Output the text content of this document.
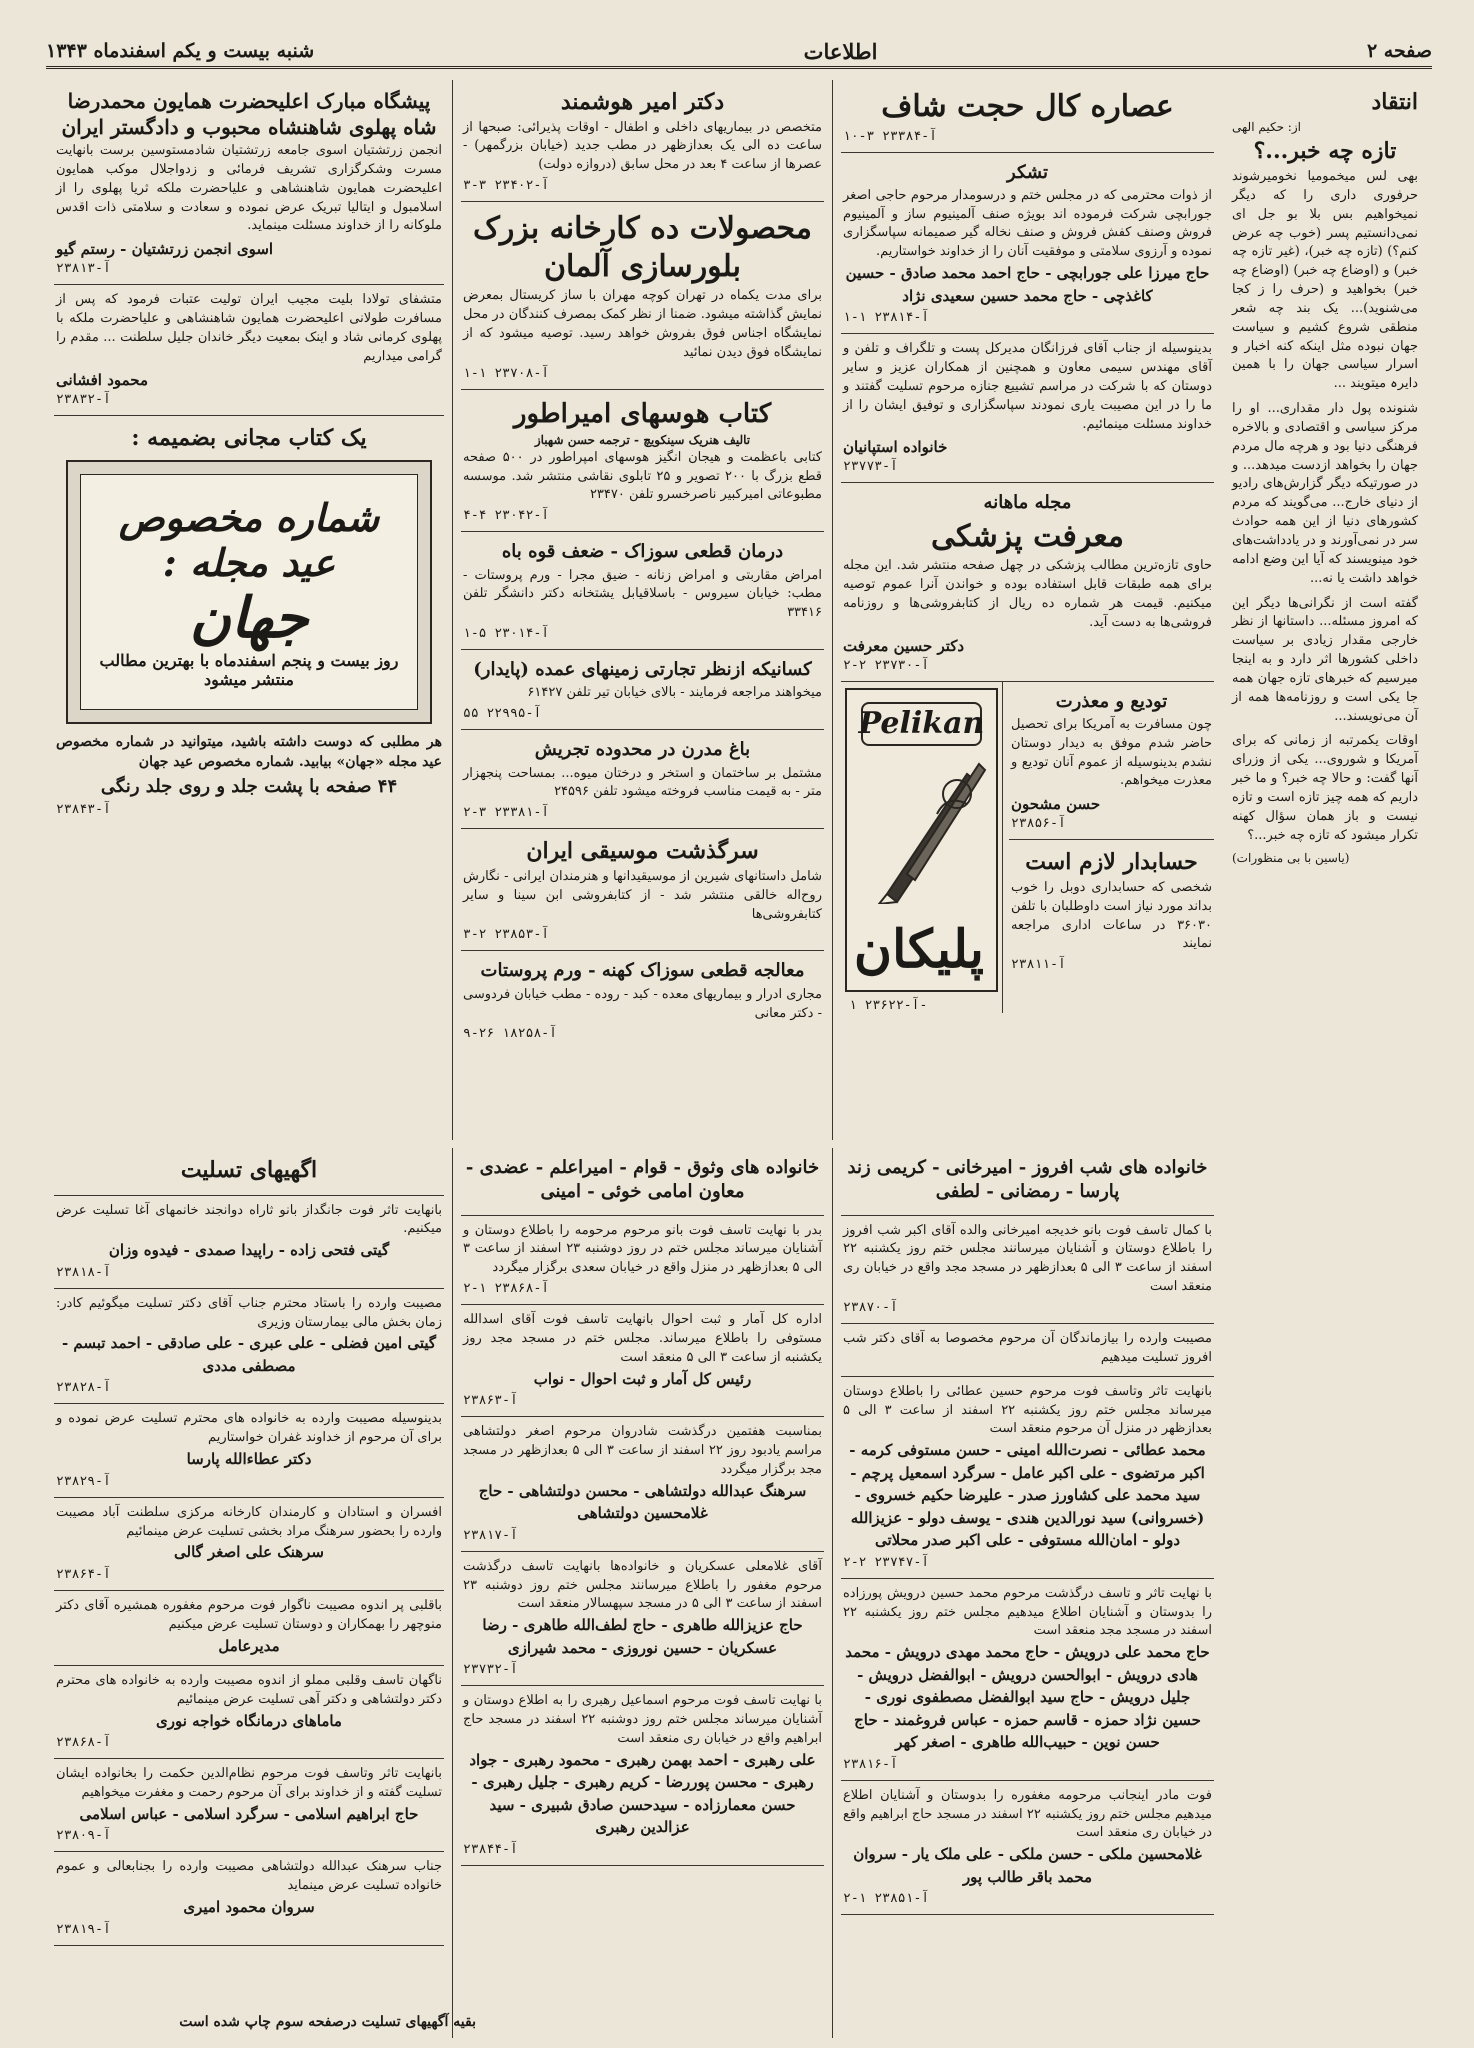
صفحه ۲
اطلاعات
شنبه بیست و یکم اسفندماه ۱۳۴۳
انتقاد
از: حکیم الهی
تازه چه خبر...؟
بهی لس میخمومیا نخومیرشوند حرفوری داری را که دیگر نمیخواهیم بس بلا بو جل ای نمی‌دانستیم پسر (خوب چه عرض کنم؟) (تازه چه خبر)، (غیر تازه چه خبر) و (اوضاع چه خبر) (اوضاع چه خبر) بخواهید و (حرف را ز کجا می‌شنوید)... یک بند چه شعر منطقی شروع کشیم و سیاست جهان نبوده مثل اینکه کنه اخبار و اسرار سیاسی جهان را با همین دایرہ میتویند ...
شنونده پول دار مقداری... او را مرکز سیاسی و اقتصادی و بالاخره فرهنگی دنیا بود و هرچه مال مردم جهان را بخواهد ازدست میدهد... و در صورتیکه دیگر گزارش‌های رادیو از دنیای خارج... می‌گویند که مردم کشورهای دنیا از این همه حوادث سر در نمی‌آورند و در یادداشت‌های خود مینویسند که آیا این وضع ادامه خواهد داشت یا نه...
گفته است از نگرانی‌ها دیگر این که امروز مسئله... داستانها از نظر خارجی مقدار زیادی بر سیاست داخلی کشورها اثر دارد و به اینجا میرسیم که خبرهای تازه جهان همه جا یکی است و روزنامه‌ها همه از آن می‌نویسند...
اوقات یکمرتبه از زمانی که برای آمریکا و شوروی... یکی از وزرای آنها گفت: و حالا چه خبر؟ و ما خبر داریم که همه چیز تازه است و تازه نیست و باز همان سؤال کهنه تکرار میشود که تازه چه خبر...؟
(یاسین با بی منظورات)
عصاره کال حجت شاف
آ-۲۳۳۸۴ ۳-۱۰
تشکر
از ذوات محترمی که در مجلس ختم و درسومدار مرحوم حاجی اصغر جورابچی شرکت فرموده اند بویژه صنف آلمینیوم ساز و آلمینیوم فروش وصنف کفش فروش و صنف نخاله گیر صمیمانه سپاسگزاری نموده و آرزوی سلامتی و موفقیت آنان را از خداوند خواستاریم.
حاج میرزا علی جورابچی - حاج احمد محمد صادق - حسین کاغذچی - حاج محمد حسین سعیدی نژاد
آ-۲۳۸۱۴ ۱-۱
بدینوسیله از جناب آقای فرزانگان مدیرکل پست و تلگراف و تلفن و آقای مهندس سیمی معاون و همچنین از همکاران عزیز و سایر دوستان که با شرکت در مراسم تشییع جنازه مرحوم تسلیت گفتند و ما را در این مصیبت یاری نمودند سپاسگزاری و توفیق ایشان را از خداوند مسئلت مینمائیم.
خانواده استپانیان
آ-۲۳۷۷۳
مجله ماهانه
معرفت پزشکی
حاوی تازه‌ترین مطالب پزشکی در چهل صفحه منتشر شد. این مجله برای همه طبقات قابل استفاده بوده و خواندن آنرا عموم توصیه میکنیم. قیمت هر شماره ده ریال از کتابفروشی‌ها و روزنامه فروشی‌ها به دست آید.
دکتر حسین معرفت
آ-۲۳۷۳۰ ۲-۲
تودیع و معذرت
چون مسافرت به آمریکا برای تحصیل حاضر شدم موفق به دیدار دوستان نشدم بدینوسیله از عموم آنان تودیع و معذرت میخواهم.
حسن مشحون
آ-۲۳۸۵۶
حسابدار لازم است
شخصی که حسابداری دوبل را خوب بداند مورد نیاز است داوطلبان با تلفن ۳۶۰۳۰ در ساعات اداری مراجعه نمایند
آ-۲۳۸۱۱
Pelikan
پلیکان
آ-۲۳۶۲۲ ۱-
دکتر امیر هوشمند
متخصص در بیماریهای داخلی و اطفال - اوقات پذیرائی: صبحها از ساعت ده الی یک بعدازظهر در مطب جدید (خیابان بزرگمهر) - عصرها از ساعت ۴ بعد در محل سابق (دروازه دولت)
آ-۲۳۴۰۲ ۳-۳
محصولات ده کارخانه بزرک بلورسازی آلمان
برای مدت یکماه در تهران کوچه مهران با ساز کریستال بمعرض نمایش گذاشته میشود. ضمنا از نظر کمک بمصرف کنندگان در محل نمایشگاه اجناس فوق بفروش خواهد رسید. توصیه میشود که از نمایشگاه فوق دیدن نمائید
آ-۲۳۷۰۸ ۱-۱
کتاب هوسهای امیراطور
تالیف هنریک سینکویچ - ترجمه حسن شهباز
کتابی باعظمت و هیجان انگیز هوسهای امپراطور در ۵۰۰ صفحه قطع بزرگ با ۲۰۰ تصویر و ۲۵ تابلوی نقاشی منتشر شد. موسسه مطبوعاتی امیرکبیر ناصرخسرو تلفن ۲۳۴۷۰
آ-۲۳۰۴۲ ۴-۴
درمان قطعی سوزاک - ضعف قوه باه
امراض مقاربتی و امراض زنانه - ضیق مجرا - ورم پروستات - مطب: خیابان سیروس - باسلاقیابل یشتخانه دکتر دانشگر تلفن ۳۳۴۱۶
آ-۲۳۰۱۴ ۵-۱
کسانیکه ازنظر تجارتی زمینهای عمده (پایدار)
میخواهند مراجعه فرمایند - بالای خیابان تیر تلفن ۶۱۴۲۷
آ-۲۲۹۹۵ ۵۵
باغ مدرن در محدوده تجریش
مشتمل بر ساختمان و استخر و درختان میوه... بمساحت پنجهزار متر - به قیمت مناسب فروخته میشود تلفن ۲۴۵۹۶
آ-۲۳۳۸۱ ۳-۲
سرگذشت موسیقی ایران
شامل داستانهای شیرین از موسیقیدانها و هنرمندان ایرانی - نگارش روح‌اله خالقی منتشر شد - از کتابفروشی ابن سینا و سایر کتابفروشی‌ها
آ-۲۳۸۵۳ ۲-۳
معالجه قطعی سوزاک کهنه - ورم پروستات
مجاری ادرار و بیماریهای معده - کبد - روده - مطب خیابان فردوسی - دکتر معانی
آ-۱۸۲۵۸ ۲۶-۹
پیشگاه مبارک اعلیحضرت همایون محمدرضا شاه پهلوی شاهنشاه محبوب و دادگستر ایران
انجمن زرتشتیان اسوی جامعه زرتشتیان شادمستوسین برست بانهایت مسرت وشکرگزاری تشریف فرمائی و زدواجلال موکب همایون اعلیحضرت همایون شاهنشاهی و علیاحضرت ملکه ثریا پهلوی را از اسلامبول و ایتالیا تبریک عرض نموده و سعادت و سلامتی ذات اقدس ملوکانه را از خداوند مسئلت مینماید.
اسوی انجمن زرتشتیان - رستم گیو
آ-۲۳۸۱۳
متشفای تولادا بلیت مجیب ایران تولیت عتبات فرمود که پس از مسافرت طولانی اعلیحضرت همایون شاهنشاهی و علیاحضرت ملکه با پهلوی کرمانی شاد و اینک بمعیت دیگر خاندان جلیل سلطنت ... مقدم را گرامی میداریم
محمود افشانی
آ-۲۳۸۳۲
یک کتاب مجانی بضمیمه :
شماره مخصوص
عید مجله :
جهان
روز بیست و پنجم اسفندماه با بهترین مطالب منتشر میشود
هر مطلبی که دوست داشته باشید، میتوانید در شماره مخصوص عید مجله «جهان» بیابید. شماره مخصوص عید جهان
۴۴ صفحه با پشت جلد و روی جلد رنگی
آ-۲۳۸۴۳
خانواده های شب افروز - امیرخانی - کریمی زند پارسا - رمضانی - لطفی
با کمال تاسف فوت بانو خدیجه امیرخانی والده آقای اکبر شب افروز را باطلاع دوستان و آشنایان میرسانند مجلس ختم روز یکشنبه ۲۲ اسفند از ساعت ۳ الی ۵ بعدازظهر در مسجد مجد واقع در خیابان ری منعقد است
آ-۲۳۸۷۰
مصیبت وارده را بیازماندگان آن مرحوم مخصوصا به آقای دکتر شب افروز تسلیت میدهیم
بانهایت تاثر وتاسف فوت مرحوم حسین عطائی را باطلاع دوستان میرساند مجلس ختم روز یکشنبه ۲۲ اسفند از ساعت ۳ الی ۵ بعدازظهر در منزل آن مرحوم منعقد است
محمد عطائی - نصرت‌الله امینی - حسن مستوفی کرمه - اکبر مرتضوی - علی اکبر عامل - سرگرد اسمعیل پرچم - سید محمد علی کشاورز صدر - علیرضا حکیم خسروی - (خسروانی) سید نورالدین هندی - یوسف دولو - عزیزالله دولو - امان‌الله مستوفی - علی اکبر صدر محلاتی
آ-۲۳۷۴۷ ۲-۲
با نهایت تاثر و تاسف درگذشت مرحوم محمد حسین درویش پورزاده را بدوستان و آشنایان اطلاع میدهیم مجلس ختم روز یکشنبه ۲۲ اسفند در مسجد مجد منعقد است
حاج محمد علی درویش - حاج محمد مهدی درویش - محمد هادی درویش - ابوالحسن درویش - ابوالفضل درویش - جلیل درویش - حاج سید ابوالفضل مصطفوی نوری - حسین نژاد حمزه - قاسم حمزه - عباس فروغمند - حاج حسن نوین - حبیب‌الله طاهری - اصغر کهر
آ-۲۳۸۱۶
فوت مادر اینجانب مرحومه مغفوره را بدوستان و آشنایان اطلاع میدهیم مجلس ختم روز یکشنبه ۲۲ اسفند در مسجد حاج ابراهیم واقع در خیابان ری منعقد است
غلامحسین ملکی - حسن ملکی - علی ملک یار - سروان محمد باقر طالب پور
آ-۲۳۸۵۱ ۱-۲
خانواده های وثوق - قوام - امیراعلم - عضدی - معاون امامی خوئی - امینی
بدر با نهایت تاسف فوت بانو مرحوم مرحومه را باطلاع دوستان و آشنایان میرساند مجلس ختم در روز دوشنبه ۲۳ اسفند از ساعت ۳ الی ۵ بعدازظهر در منزل واقع در خیابان سعدی برگزار میگردد
آ-۲۳۸۶۸ ۱-۲
اداره کل آمار و ثبت احوال بانهایت تاسف فوت آقای اسدالله مستوفی را باطلاع میرساند. مجلس ختم در مسجد مجد روز یکشنبه از ساعت ۳ الی ۵ منعقد است
رئیس کل آمار و ثبت احوال - نواب
آ-۲۳۸۶۳
بمناسبت هفتمین درگذشت شادروان مرحوم اصغر دولتشاهی مراسم یادبود روز ۲۲ اسفند از ساعت ۳ الی ۵ بعدازظهر در مسجد مجد برگزار میگردد
سرهنگ عبدالله دولتشاهی - محسن دولتشاهی - حاج غلامحسین دولتشاهی
آ-۲۳۸۱۷
آقای غلامعلی عسکریان و خانواده‌ها بانهایت تاسف درگذشت مرحوم مغفور را باطلاع میرسانند مجلس ختم روز دوشنبه ۲۳ اسفند از ساعت ۳ الی ۵ در مسجد سپهسالار منعقد است
حاج عزیزالله طاهری - حاج لطف‌الله طاهری - رضا عسکریان - حسین نوروزی - محمد شیرازی
آ-۲۳۷۳۲
با نهایت تاسف فوت مرحوم اسماعیل رهبری را به اطلاع دوستان و آشنایان میرساند مجلس ختم روز دوشنبه ۲۲ اسفند در مسجد حاج ابراهیم واقع در خیابان ری منعقد است
علی رهبری - احمد بهمن رهبری - محمود رهبری - جواد رهبری - محسن پوررضا - کریم رهبری - جلیل رهبری - حسن معمارزاده - سیدحسن صادق شبیری - سید عزالدین رهبری
آ-۲۳۸۴۴
اگهیهای تسلیت
بانهایت تاثر فوت جانگداز بانو ثاراه دوانجند خانمهای آغا تسلیت عرض میکنیم.
گیتی فتحی زاده - راپیدا صمدی - فیدوه وزان
آ-۲۳۸۱۸
مصیبت وارده را باستاد محترم جناب آقای دکتر تسلیت میگوئیم کادر: زمان بخش مالی بیمارستان وزیری
گیتی امین فضلی - علی عبری - علی صادقی - احمد تبسم - مصطفی مددی
آ-۲۳۸۲۸
بدینوسیله مصیبت وارده به خانواده های محترم تسلیت عرض نموده و برای آن مرحوم از خداوند غفران خواستاریم
دکتر عطاء‌الله پارسا
آ-۲۳۸۲۹
افسران و استادان و کارمندان کارخانه مرکزی سلطنت آباد مصیبت وارده را بحضور سرهنگ مراد بخشی تسلیت عرض مینمائیم
سرهنک علی اصغر گالی
آ-۲۳۸۶۴
باقلبی پر اندوه مصیبت ناگوار فوت مرحوم مغفوره همشیره آقای دکتر منوچهر را بهمکاران و دوستان تسلیت عرض میکنیم
مدیرعامل
ناگهان تاسف وقلبی مملو از اندوه مصیبت وارده به خانواده های محترم دکتر دولتشاهی و دکتر آهی تسلیت عرض مینمائیم
ماماهای درمانگاه خواجه نوری
آ-۲۳۸۶۸
بانهایت تاثر وتاسف فوت مرحوم نظام‌الدین حکمت را بخانواده ایشان تسلیت گفته و از خداوند برای آن مرحوم رحمت و مغفرت میخواهیم
حاج ابراهیم اسلامی - سرگرد اسلامی - عباس اسلامی
آ-۲۳۸۰۹
جناب سرهنک عبدالله دولتشاهی مصیبت وارده را بجنابعالی و عموم خانواده تسلیت عرض مینماید
سروان محمود امیری
آ-۲۳۸۱۹
بقیه آگهیهای تسلیت درصفحه سوم چاپ شده است
